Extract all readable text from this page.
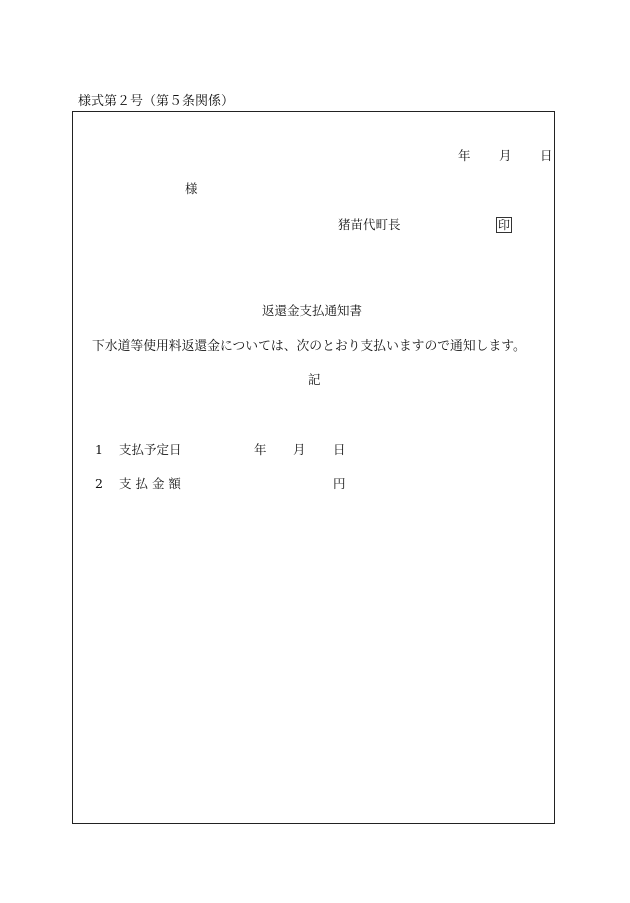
様式第２号（第５条関係）
年 月 日
様
猪苗代町長	印
返還金支払通知書
下水道等使用料返還金については、次のとおり支払いますので通知します。
記
1 支払予定日	年 月 日
2 支 払 金 額	円
